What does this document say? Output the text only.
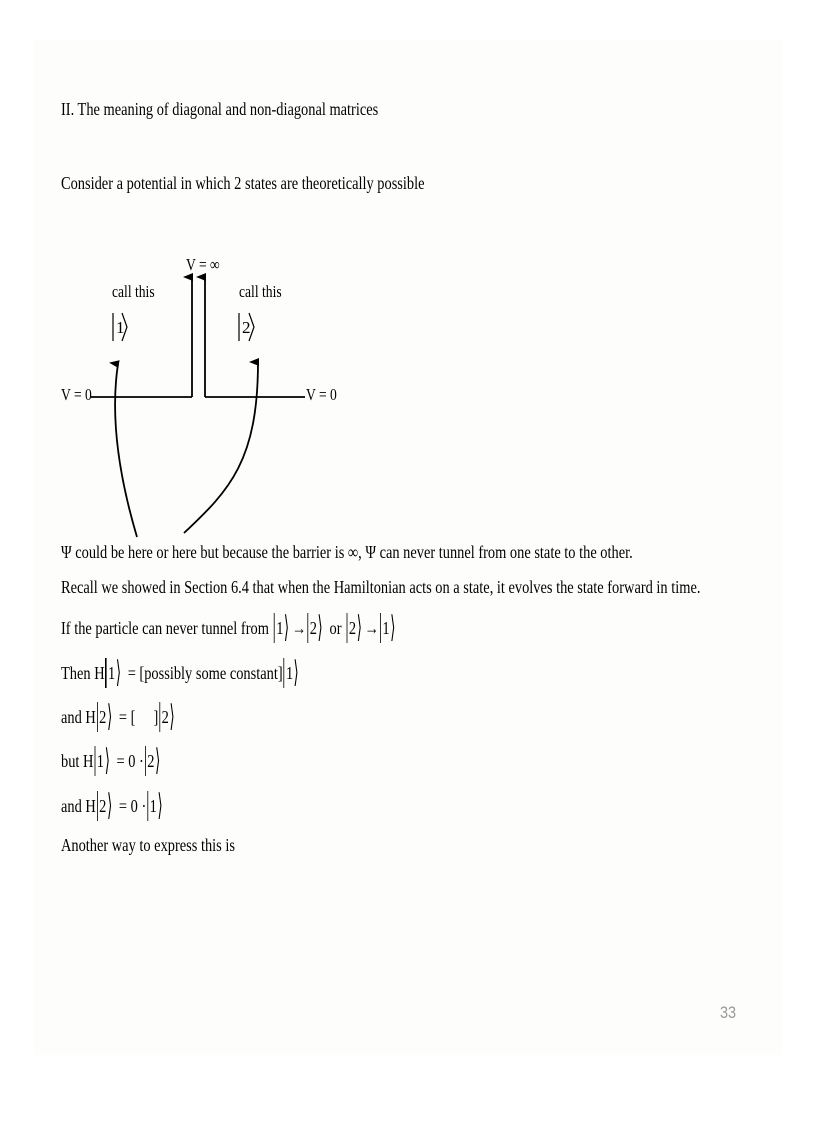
II. The meaning of diagonal and non-diagonal matrices
Consider a potential in which 2 states are theoretically possible
V = ∞
call this	call this
V = 0	V = 0
1	2
Ψ could be here or here but because the barrier is ∞, Ψ can never tunnel from one state to the other.
Recall we showed in Section 6.4 that when the Hamiltonian acts on a state, it evolves the state forward in time.
If the particle can never tunnel from 1 ⟩ → 2 ⟩ or 2 ⟩ → 1 ⟩
Then H 1 ⟩ = [possibly some constant] 1 ⟩
and H 2 ⟩ = [     ] 2 ⟩
but H 1 ⟩ = 0 · 2 ⟩
and H 2 ⟩ = 0 · 1 ⟩
Another way to express this is
33
